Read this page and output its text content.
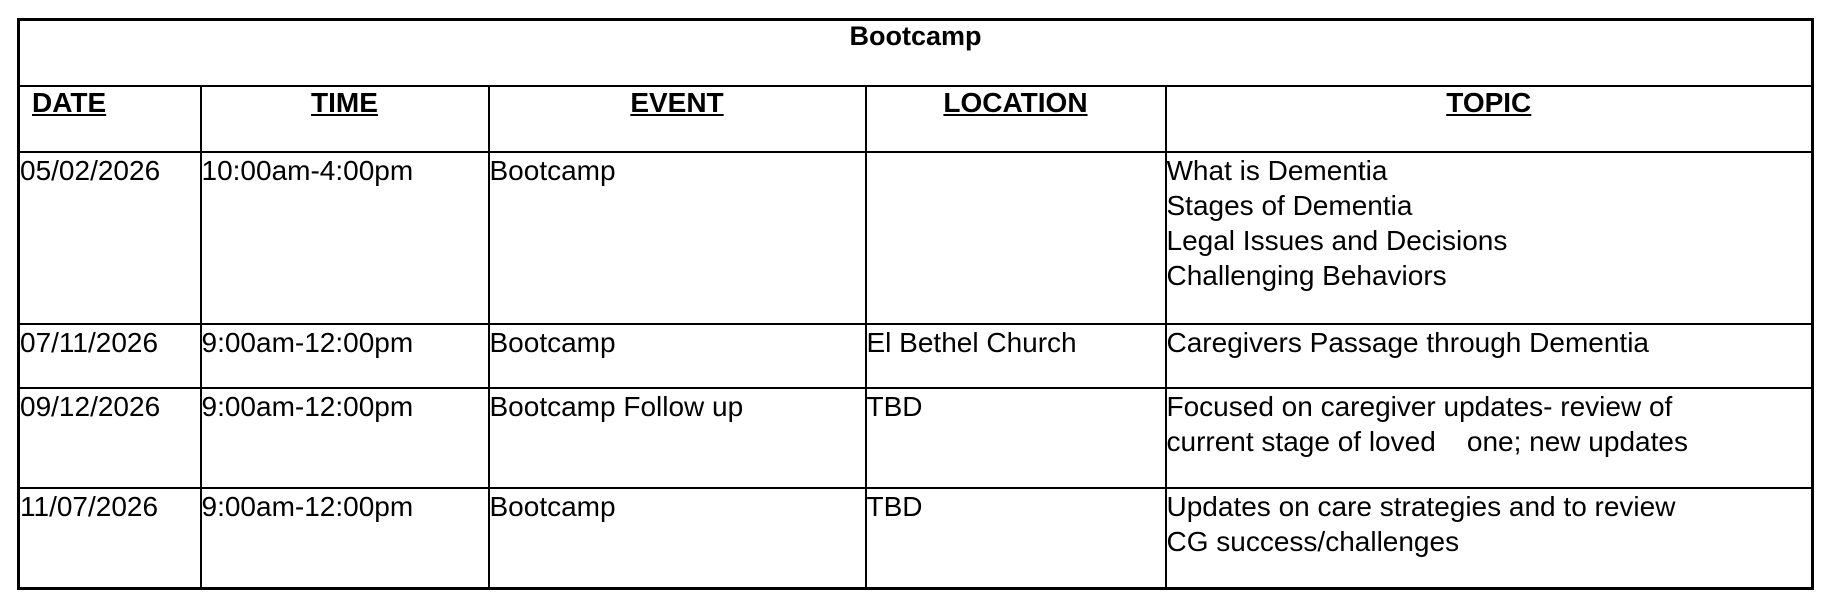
Bootcamp				
DATE	TIME	EVENT	LOCATION	TOPIC
05/02/2026	10:00am-4:00pm	Bootcamp		What is Dementia
Stages of Dementia
Legal Issues and Decisions
Challenging Behaviors

07/11/2026	9:00am-12:00pm	Bootcamp	El Bethel Church	Caregivers Passage through Dementia

09/12/2026	9:00am-12:00pm	Bootcamp Follow up	TBD	Focused on caregiver updates- review of
current stage of loved    one; new updates

11/07/2026	9:00am-12:00pm	Bootcamp	TBD	Updates on care strategies and to review
CG success/challenges
